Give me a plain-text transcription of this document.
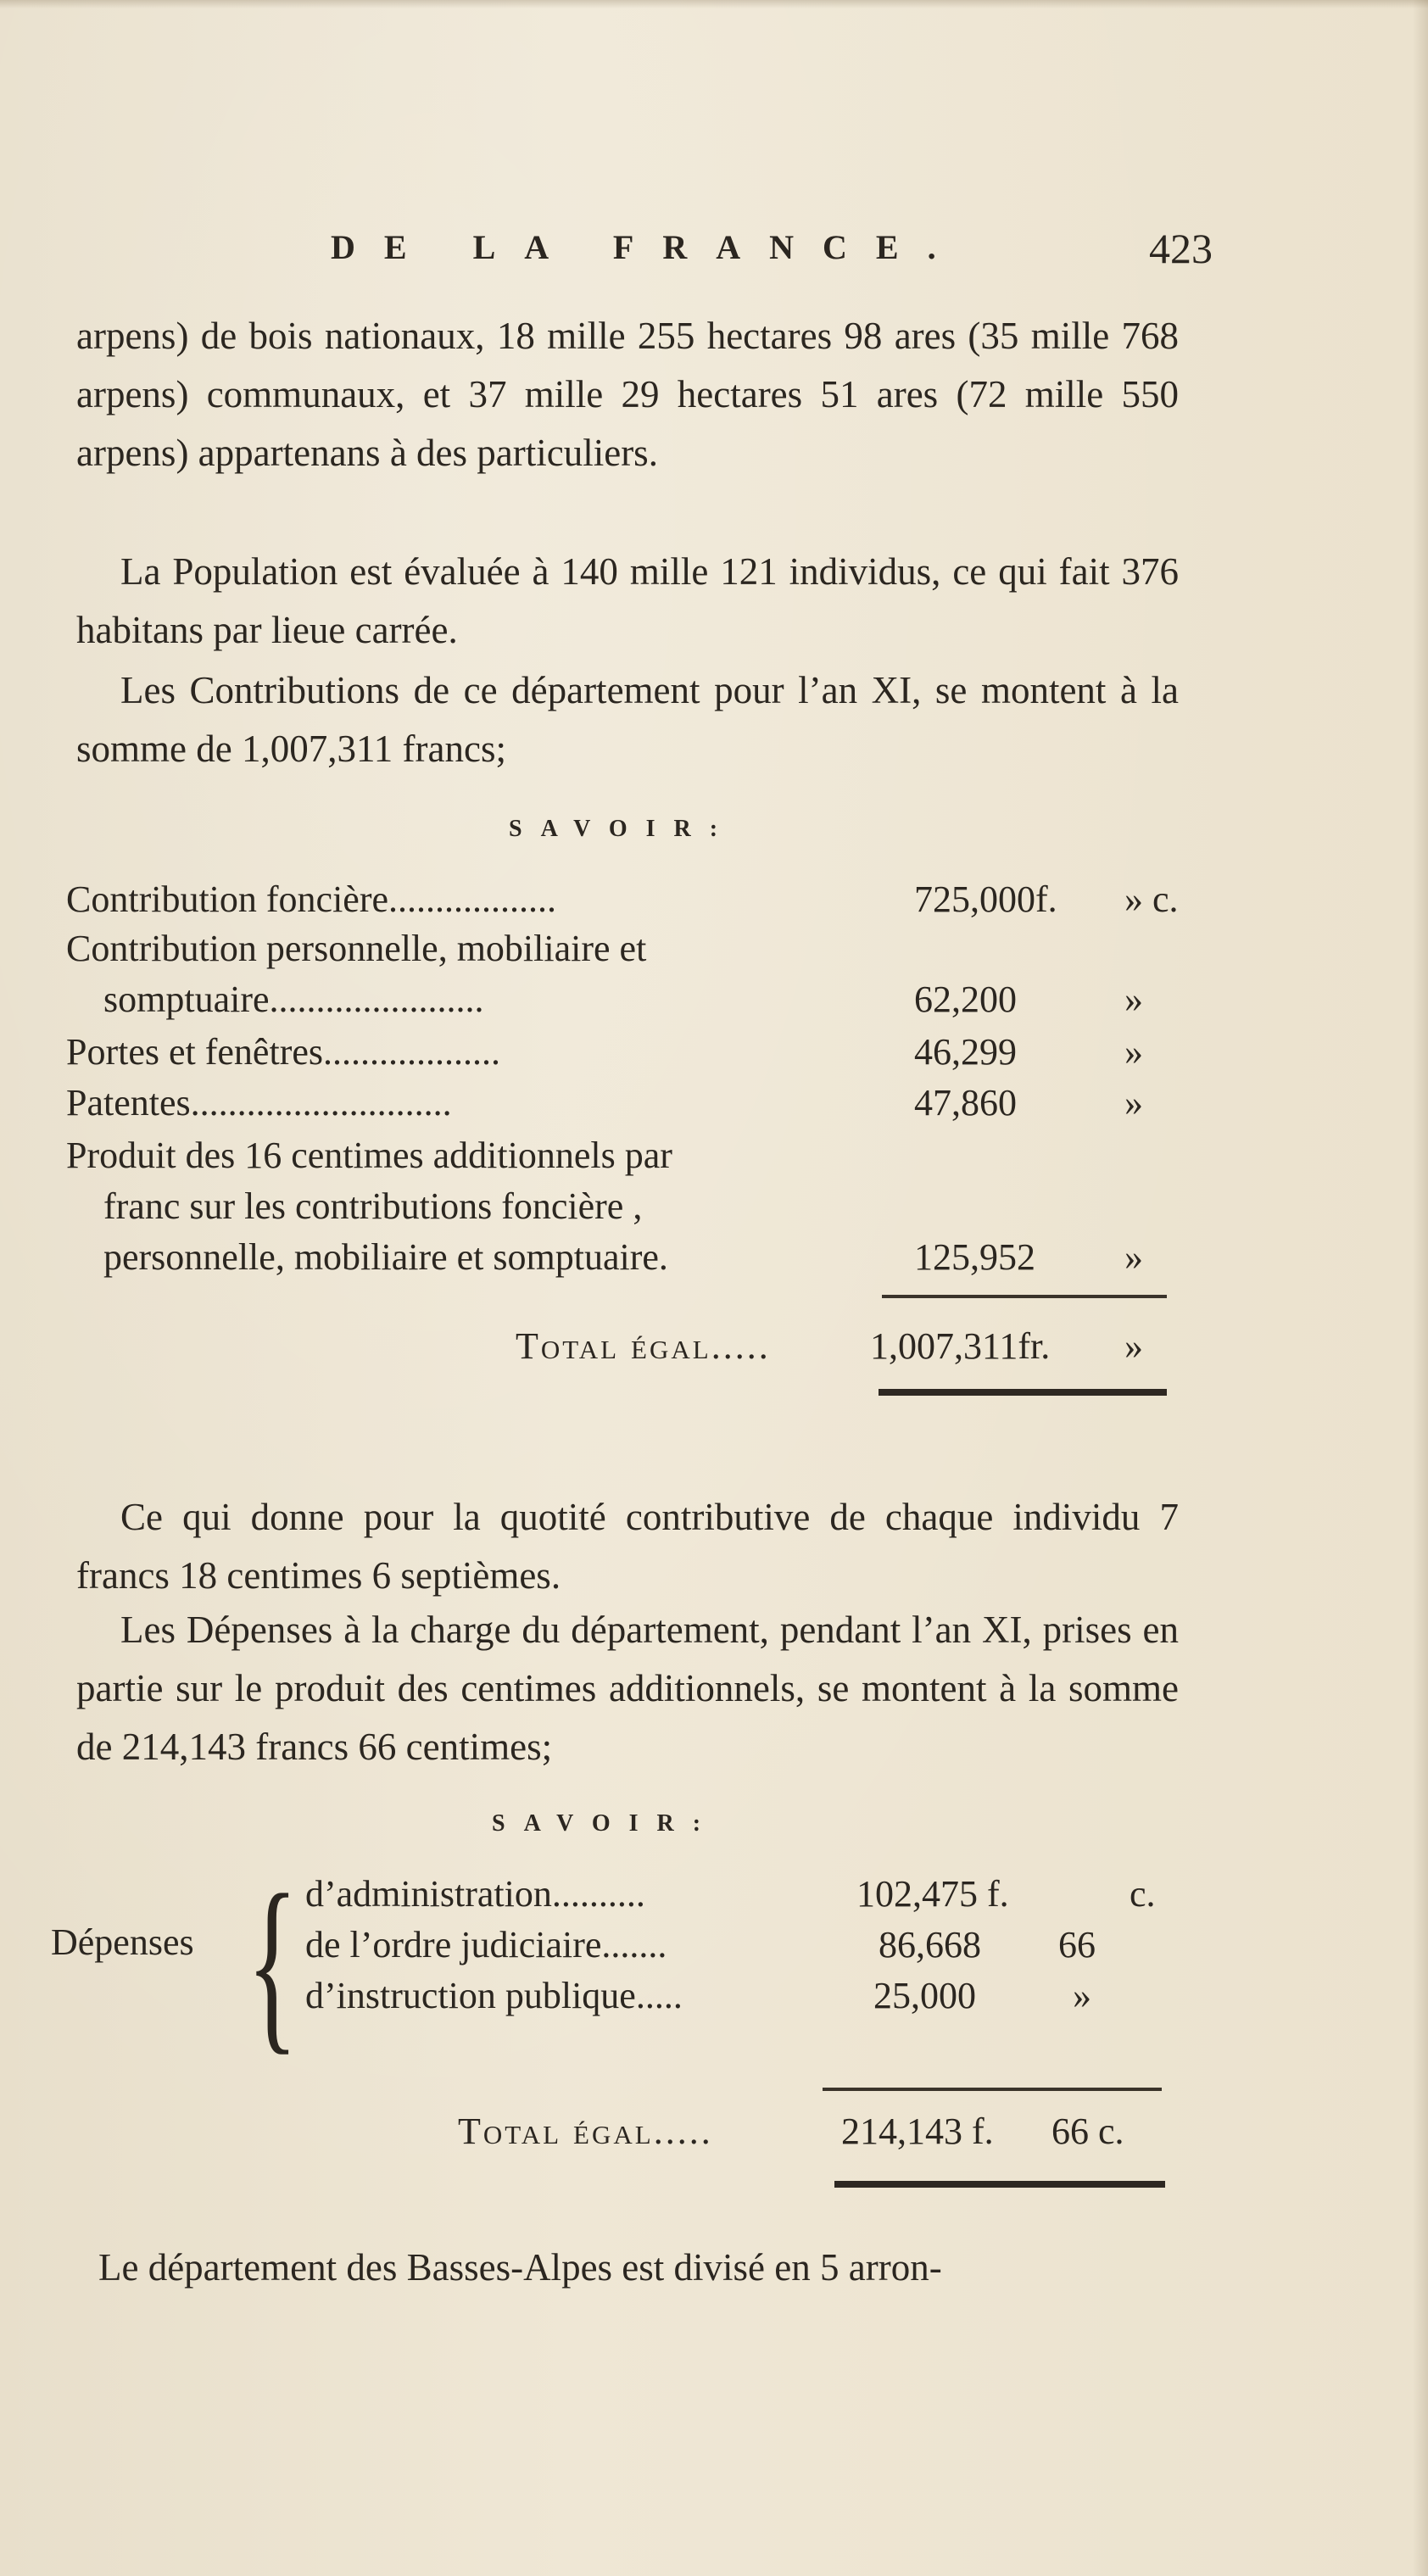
DE LA FRANCE.	423
arpens) de bois nationaux, 18 mille 255 hectares 98 ares (35 mille 768 arpens) communaux, et 37 mille 29 hectares 51 ares (72 mille 550 arpens) appartenans à des particuliers.
La Population est évaluée à 140 mille 121 individus, ce qui fait 376 habitans par lieue carrée.
Les Contributions de ce département pour l’an XI, se montent à la somme de 1,007,311 francs;
SAVOIR:
Contribution foncière..................	725,000f.	» c.
Contribution personnelle, mobiliaire et
somptuaire.......................	62,200	»
Portes et fenêtres...................	46,299	»
Patentes............................	47,860	»
Produit des 16 centimes additionnels par
franc sur les contributions foncière ,
personnelle, mobiliaire et somptuaire.	125,952	»
Total égal.....	1,007,311fr.	»
Ce qui donne pour la quotité contributive de chaque individu 7 francs 18 centimes 6 septièmes.
Les Dépenses à la charge du département, pendant l’an XI, prises en partie sur le produit des centimes additionnels, se montent à la somme de 214,143 francs 66 centimes;
SAVOIR:
Dépenses { d’administration..........	102,475 f.	c.
de l’ordre judiciaire.......	86,668	66
d’instruction publique.....	25,000	»
Total égal.....	214,143 f.	66 c.
Le département des Basses-Alpes est divisé en 5 arron-
